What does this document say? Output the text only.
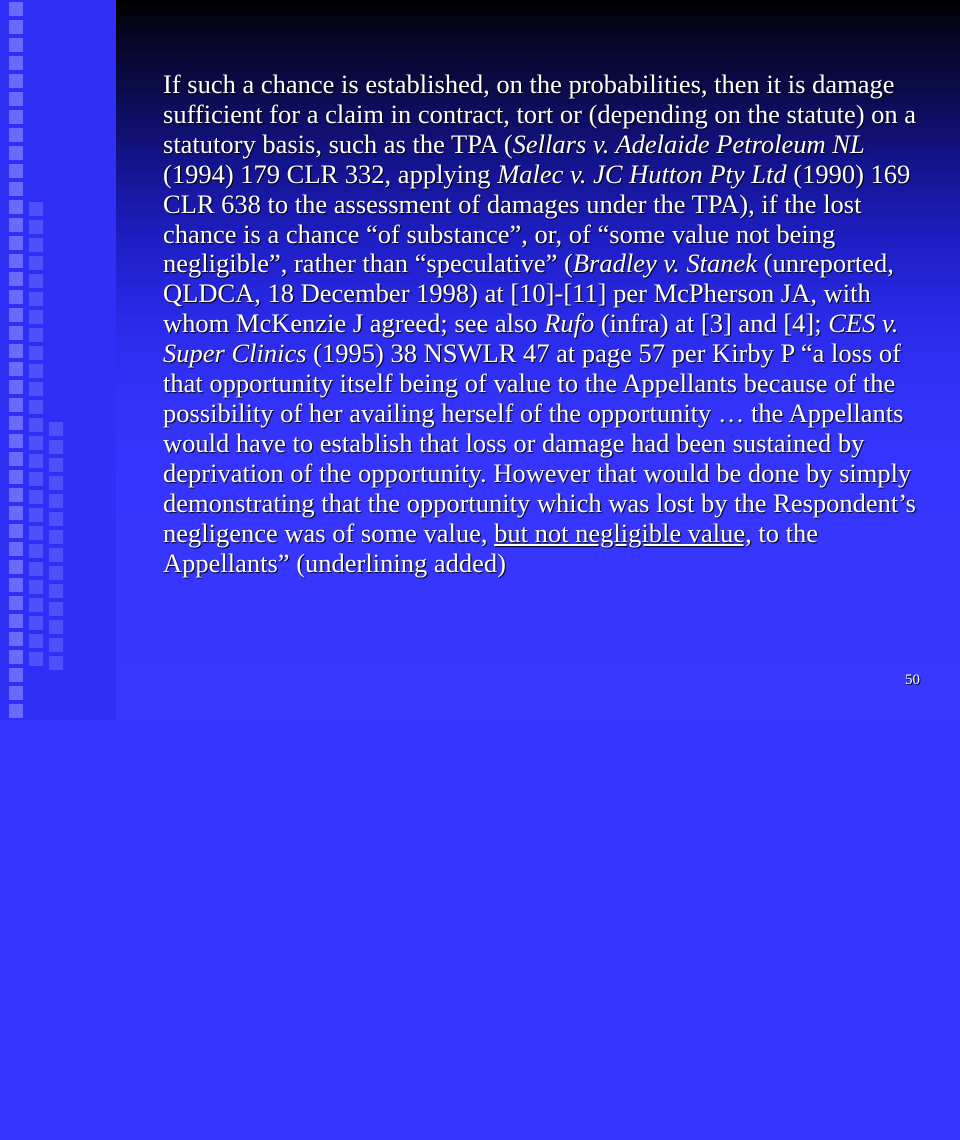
If such a chance is established, on the probabilities, then it is damage sufficient for a claim in contract, tort or (depending on the statute) on a statutory basis, such as the TPA (Sellars v. Adelaide Petroleum NL (1994) 179 CLR 332, applying Malec v. JC Hutton Pty Ltd (1990) 169 CLR 638 to the assessment of damages under the TPA), if the lost chance is a chance “of substance”, or, of “some value not being negligible”, rather than “speculative” (Bradley v. Stanek (unreported, QLDCA, 18 December 1998) at [10]-[11] per McPherson JA, with whom McKenzie J agreed; see also Rufo (infra) at [3] and [4]; CES v. Super Clinics (1995) 38 NSWLR 47 at page 57 per Kirby P “a loss of that opportunity itself being of value to the Appellants because of the possibility of her availing herself of the opportunity … the Appellants would have to establish that loss or damage had been sustained by deprivation of the opportunity. However that would be done by simply demonstrating that the opportunity which was lost by the Respondent’s negligence was of some value, but not negligible value, to the Appellants” (underlining added)

50
